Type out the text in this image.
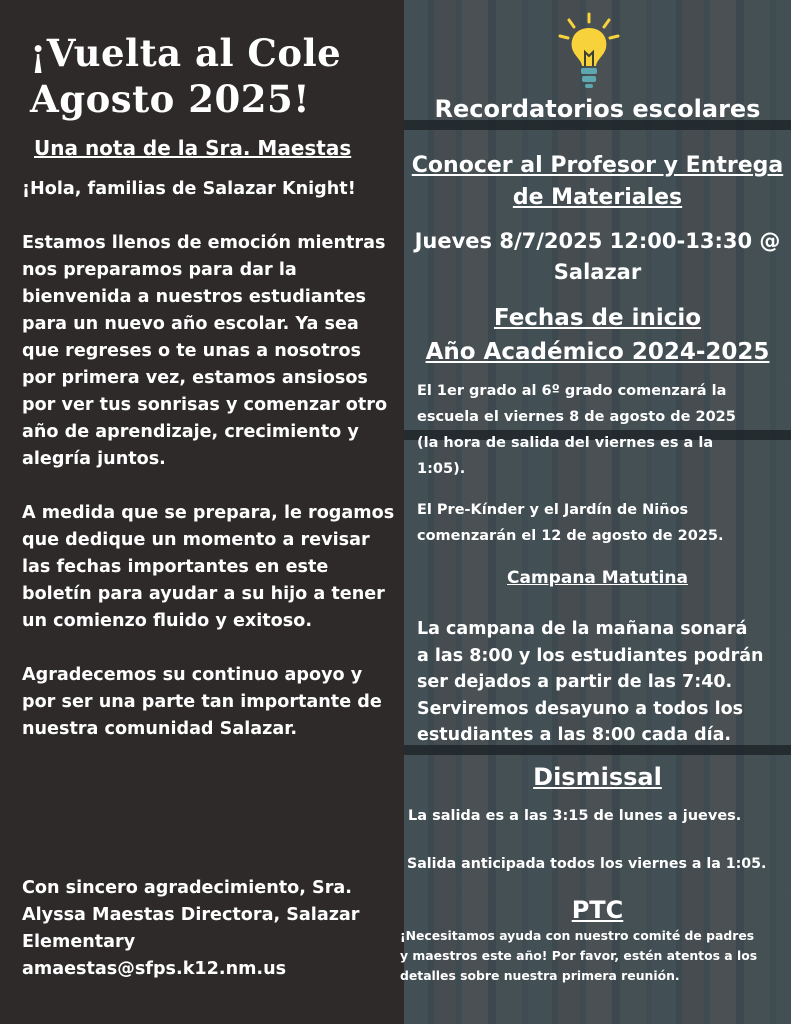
¡Vuelta al Cole
Agosto 2025!
Una nota de la Sra. Maestas

¡Hola, familias de Salazar Knight!

Estamos llenos de emoción mientras nos preparamos para dar la bienvenida a nuestros estudiantes para un nuevo año escolar. Ya sea que regreses o te unas a nosotros por primera vez, estamos ansiosos por ver tus sonrisas y comenzar otro año de aprendizaje, crecimiento y alegría juntos.

A medida que se prepara, le rogamos que dedique un momento a revisar las fechas importantes en este boletín para ayudar a su hijo a tener un comienzo fluido y exitoso.

Agradecemos su continuo apoyo y por ser una parte tan importante de nuestra comunidad Salazar.

Con sincero agradecimiento, Sra.
Alyssa Maestas Directora, Salazar
Elementary
amaestas@sfps.k12.nm.us
Recordatorios escolares
Conocer al Profesor y Entrega
de Materiales
Jueves 8/7/2025 12:00-13:30 @
Salazar
Fechas de inicio
Año Académico 2024-2025
El 1er grado al 6º grado comenzará la
escuela el viernes 8 de agosto de 2025
(la hora de salida del viernes es a la
1:05).
El Pre-Kínder y el Jardín de Niños
comenzarán el 12 de agosto de 2025.
Campana Matutina
La campana de la mañana sonará
a las 8:00 y los estudiantes podrán
ser dejados a partir de las 7:40.
Serviremos desayuno a todos los
estudiantes a las 8:00 cada día.
Dismissal
La salida es a las 3:15 de lunes a jueves.
Salida anticipada todos los viernes a la 1:05.
PTC
¡Necesitamos ayuda con nuestro comité de padres
y maestros este año! Por favor, estén atentos a los
detalles sobre nuestra primera reunión.
